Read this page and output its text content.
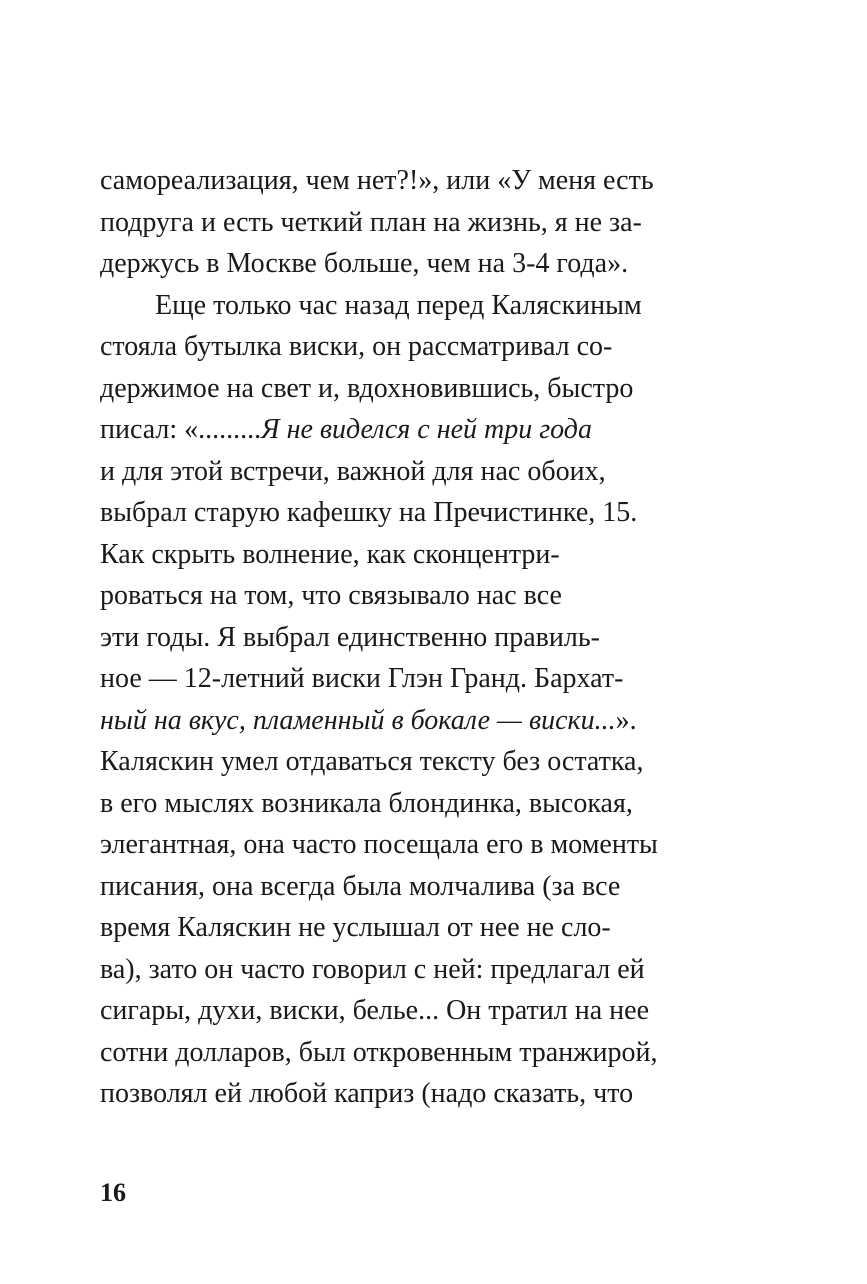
самореализация, чем нет?!», или «У меня есть
подруга и есть четкий план на жизнь, я не за-
держусь в Москве больше, чем на 3-4 года».
Еще только час назад перед Каляскиным
стояла бутылка виски, он рассматривал со-
держимое на свет и, вдохновившись, быстро
писал: «.........Я не виделся с ней три года
и для этой встречи, важной для нас обоих,
выбрал старую кафешку на Пречистинке, 15.
Как скрыть волнение, как сконцентри-
роваться на том, что связывало нас все
эти годы. Я выбрал единственно правиль-
ное — 12-летний виски Глэн Гранд. Бархат-
ный на вкус, пламенный в бокале — виски...».
Каляскин умел отдаваться тексту без остатка,
в его мыслях возникала блондинка, высокая,
элегантная, она часто посещала его в моменты
писания, она всегда была молчалива (за все
время Каляскин не услышал от нее не сло-
ва), зато он часто говорил с ней: предлагал ей
сигары, духи, виски, белье... Он тратил на нее
сотни долларов, был откровенным транжирой,
позволял ей любой каприз (надо сказать, что
16
